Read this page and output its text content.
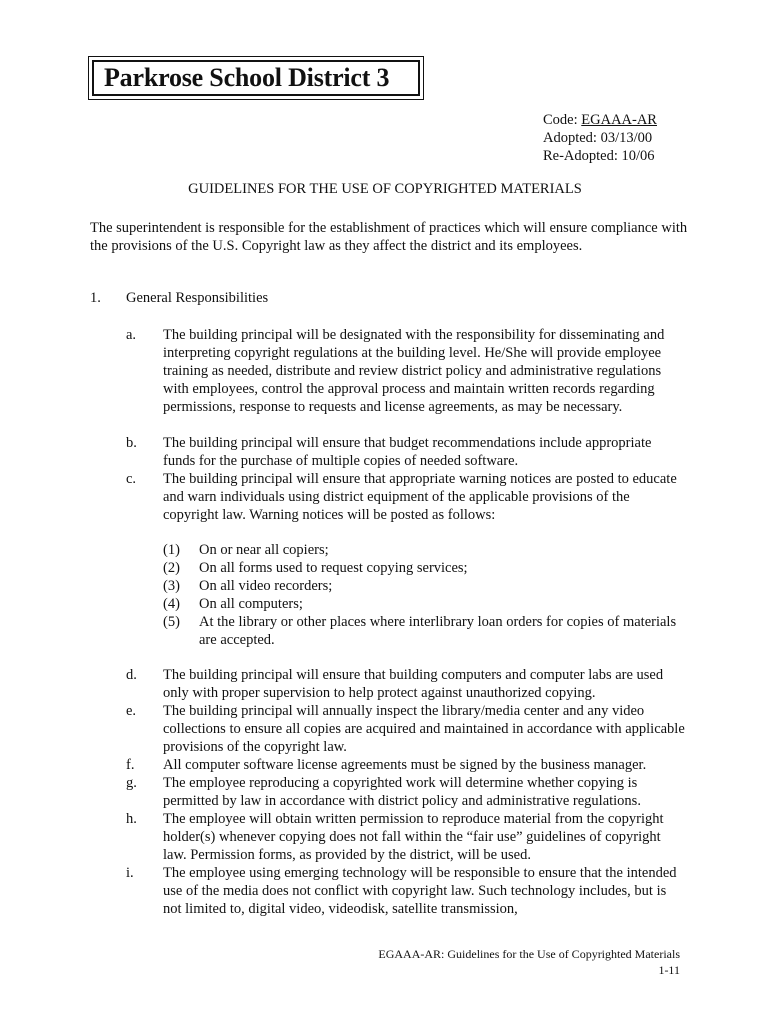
Parkrose School District 3
Code: EGAAA-AR
Adopted: 03/13/00
Re-Adopted: 10/06
GUIDELINES FOR THE USE OF COPYRIGHTED MATERIALS
The superintendent is responsible for the establishment of practices which will ensure compliance with the provisions of the U.S. Copyright law as they affect the district and its employees.
1. General Responsibilities
a. The building principal will be designated with the responsibility for disseminating and interpreting copyright regulations at the building level. He/She will provide employee training as needed, distribute and review district policy and administrative regulations with employees, control the approval process and maintain written records regarding permissions, response to requests and license agreements, as may be necessary.
b. The building principal will ensure that budget recommendations include appropriate funds for the purchase of multiple copies of needed software.
c. The building principal will ensure that appropriate warning notices are posted to educate and warn individuals using district equipment of the applicable provisions of the copyright law. Warning notices will be posted as follows:
(1) On or near all copiers;
(2) On all forms used to request copying services;
(3) On all video recorders;
(4) On all computers;
(5) At the library or other places where interlibrary loan orders for copies of materials are accepted.
d. The building principal will ensure that building computers and computer labs are used only with proper supervision to help protect against unauthorized copying.
e. The building principal will annually inspect the library/media center and any video collections to ensure all copies are acquired and maintained in accordance with applicable provisions of the copyright law.
f. All computer software license agreements must be signed by the business manager.
g. The employee reproducing a copyrighted work will determine whether copying is permitted by law in accordance with district policy and administrative regulations.
h. The employee will obtain written permission to reproduce material from the copyright holder(s) whenever copying does not fall within the “fair use” guidelines of copyright law. Permission forms, as provided by the district, will be used.
i. The employee using emerging technology will be responsible to ensure that the intended use of the media does not conflict with copyright law. Such technology includes, but is not limited to, digital video, videodisk, satellite transmission,
EGAAA-AR: Guidelines for the Use of Copyrighted Materials
1-11
